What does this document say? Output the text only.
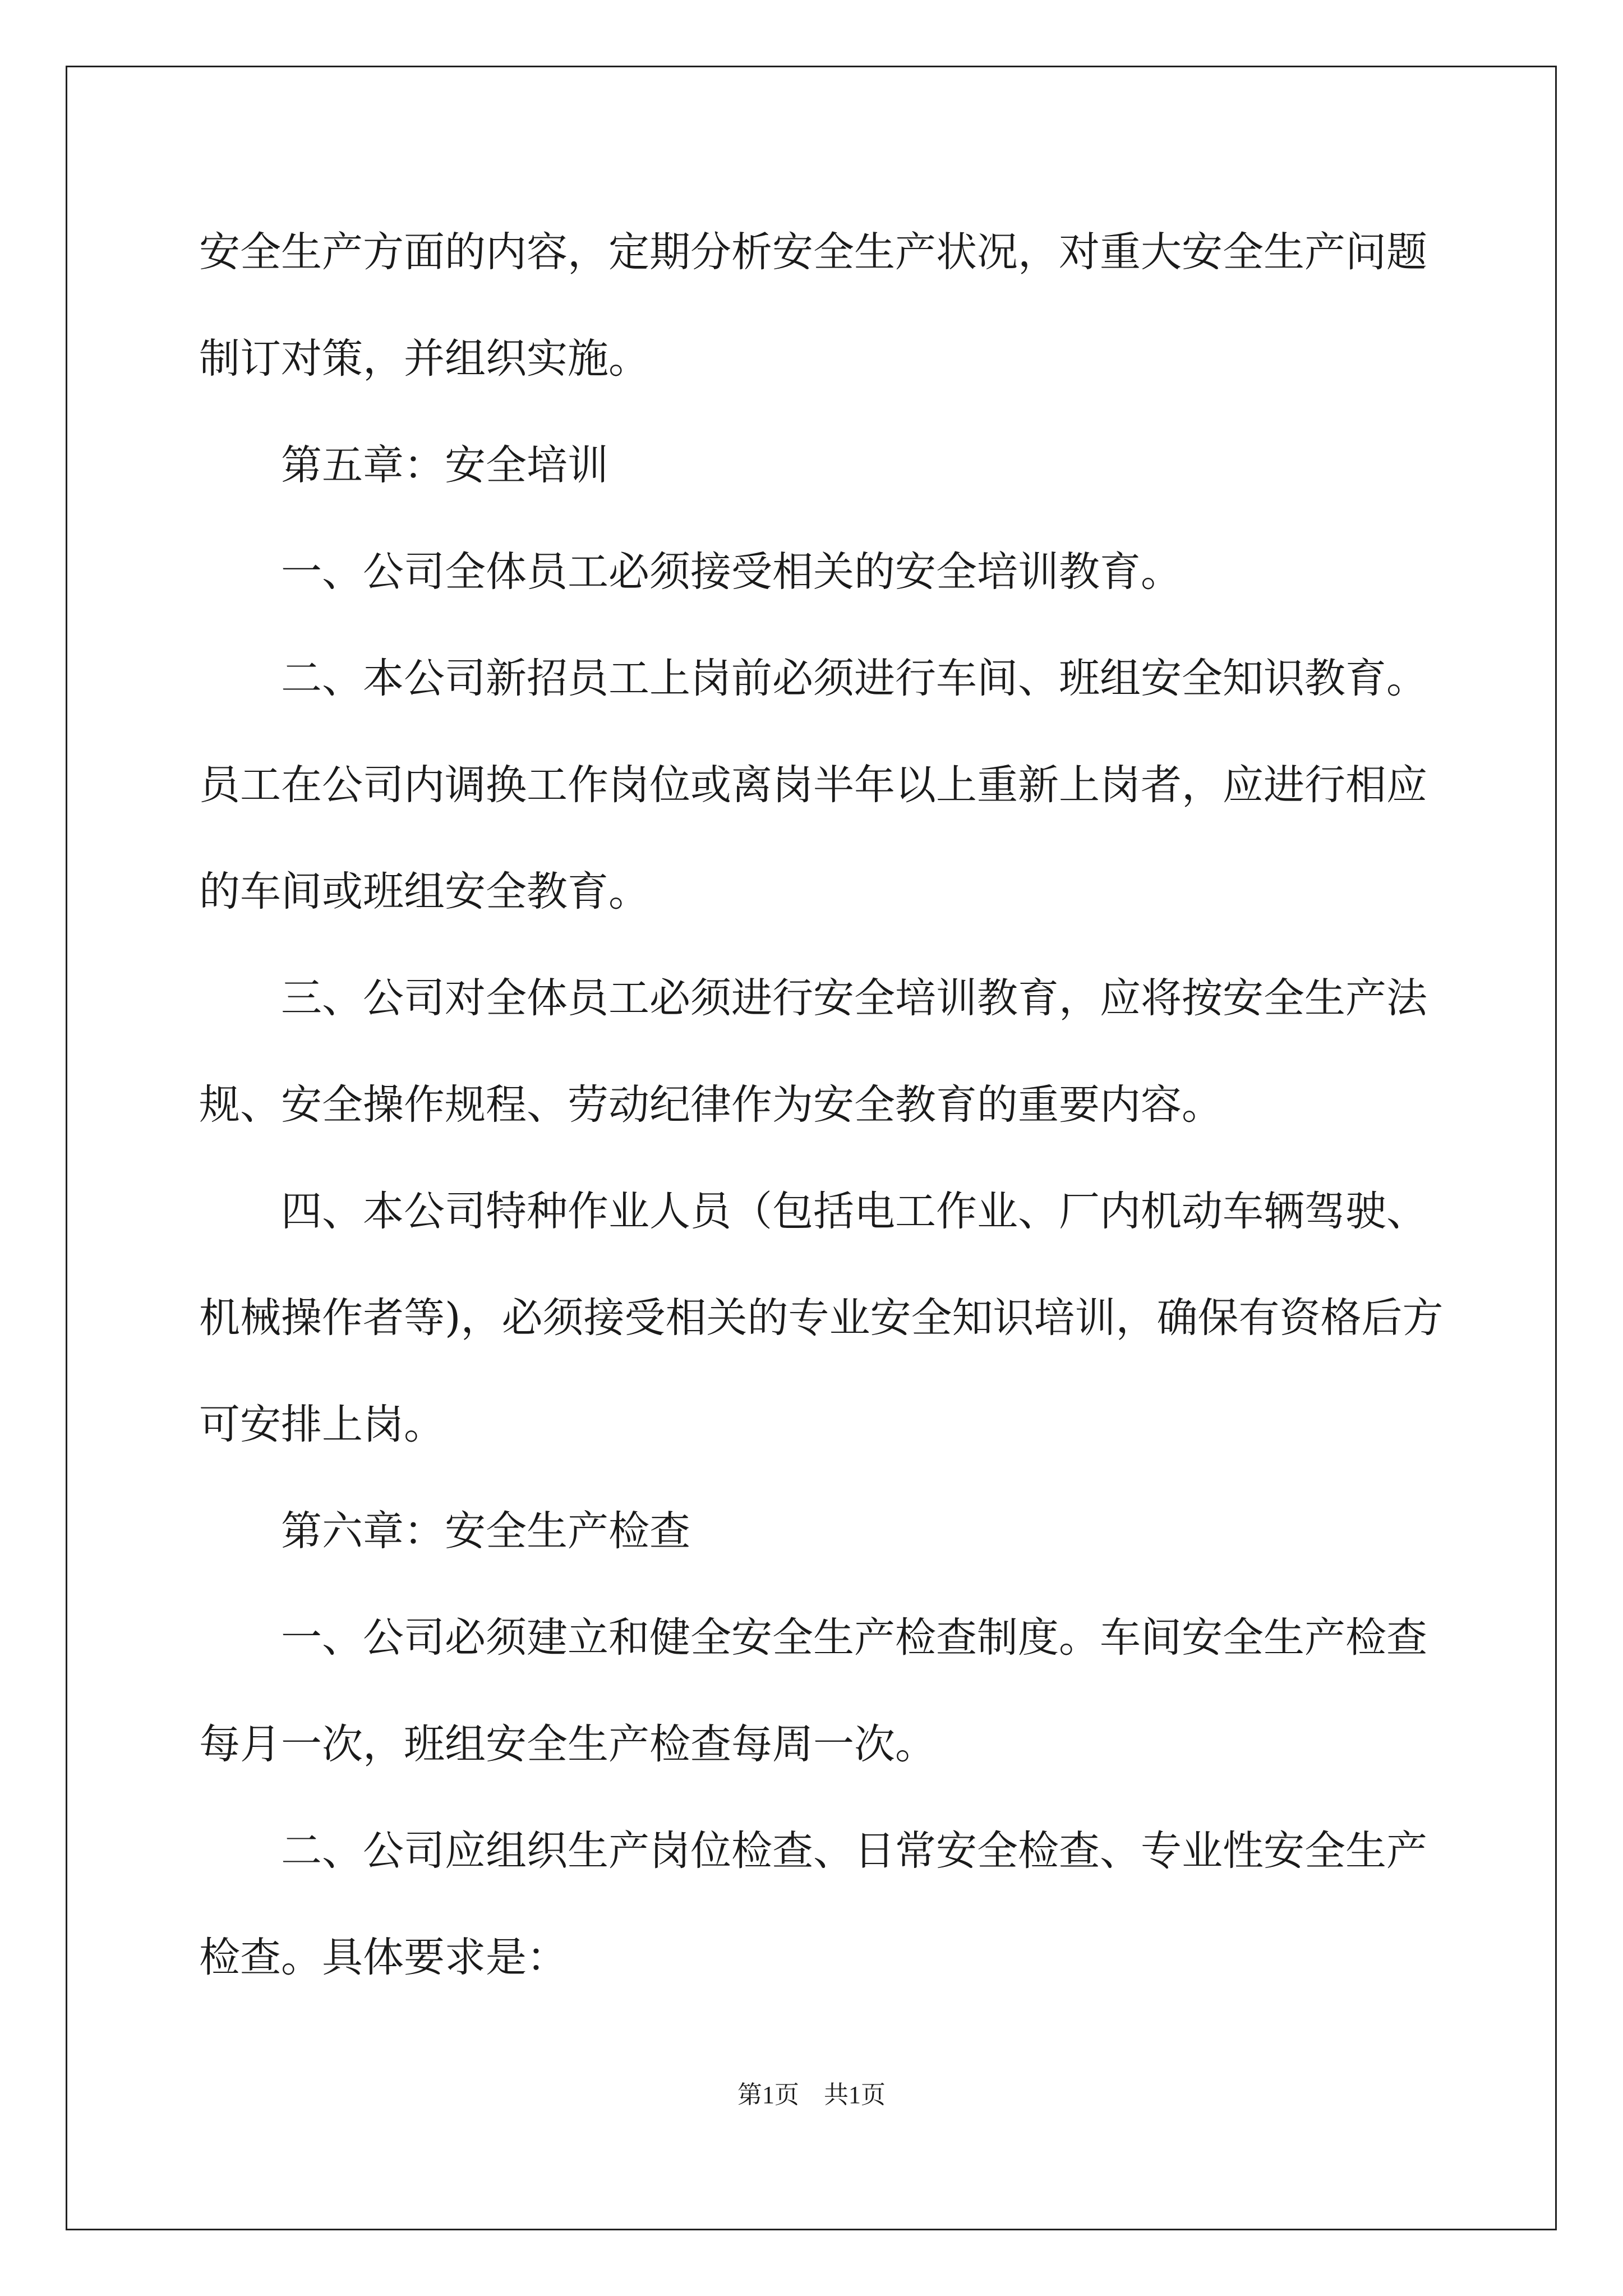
安全生产方面的内容，定期分析安全生产状况，对重大安全生产问题
制订对策，并组织实施。
第五章：安全培训
一、公司全体员工必须接受相关的安全培训教育。
二、本公司新招员工上岗前必须进行车间、班组安全知识教育。
员工在公司内调换工作岗位或离岗半年以上重新上岗者，应进行相应
的车间或班组安全教育。
三、公司对全体员工必须进行安全培训教育，应将按安全生产法
规、安全操作规程、劳动纪律作为安全教育的重要内容。
四、本公司特种作业人员（包括电工作业、厂内机动车辆驾驶、
机械操作者等)，必须接受相关的专业安全知识培训，确保有资格后方
可安排上岗。
第六章：安全生产检查
一、公司必须建立和健全安全生产检查制度。车间安全生产检查
每月一次，班组安全生产检查每周一次。
二、公司应组织生产岗位检查、日常安全检查、专业性安全生产
检查。具体要求是：
第1页　共1页
